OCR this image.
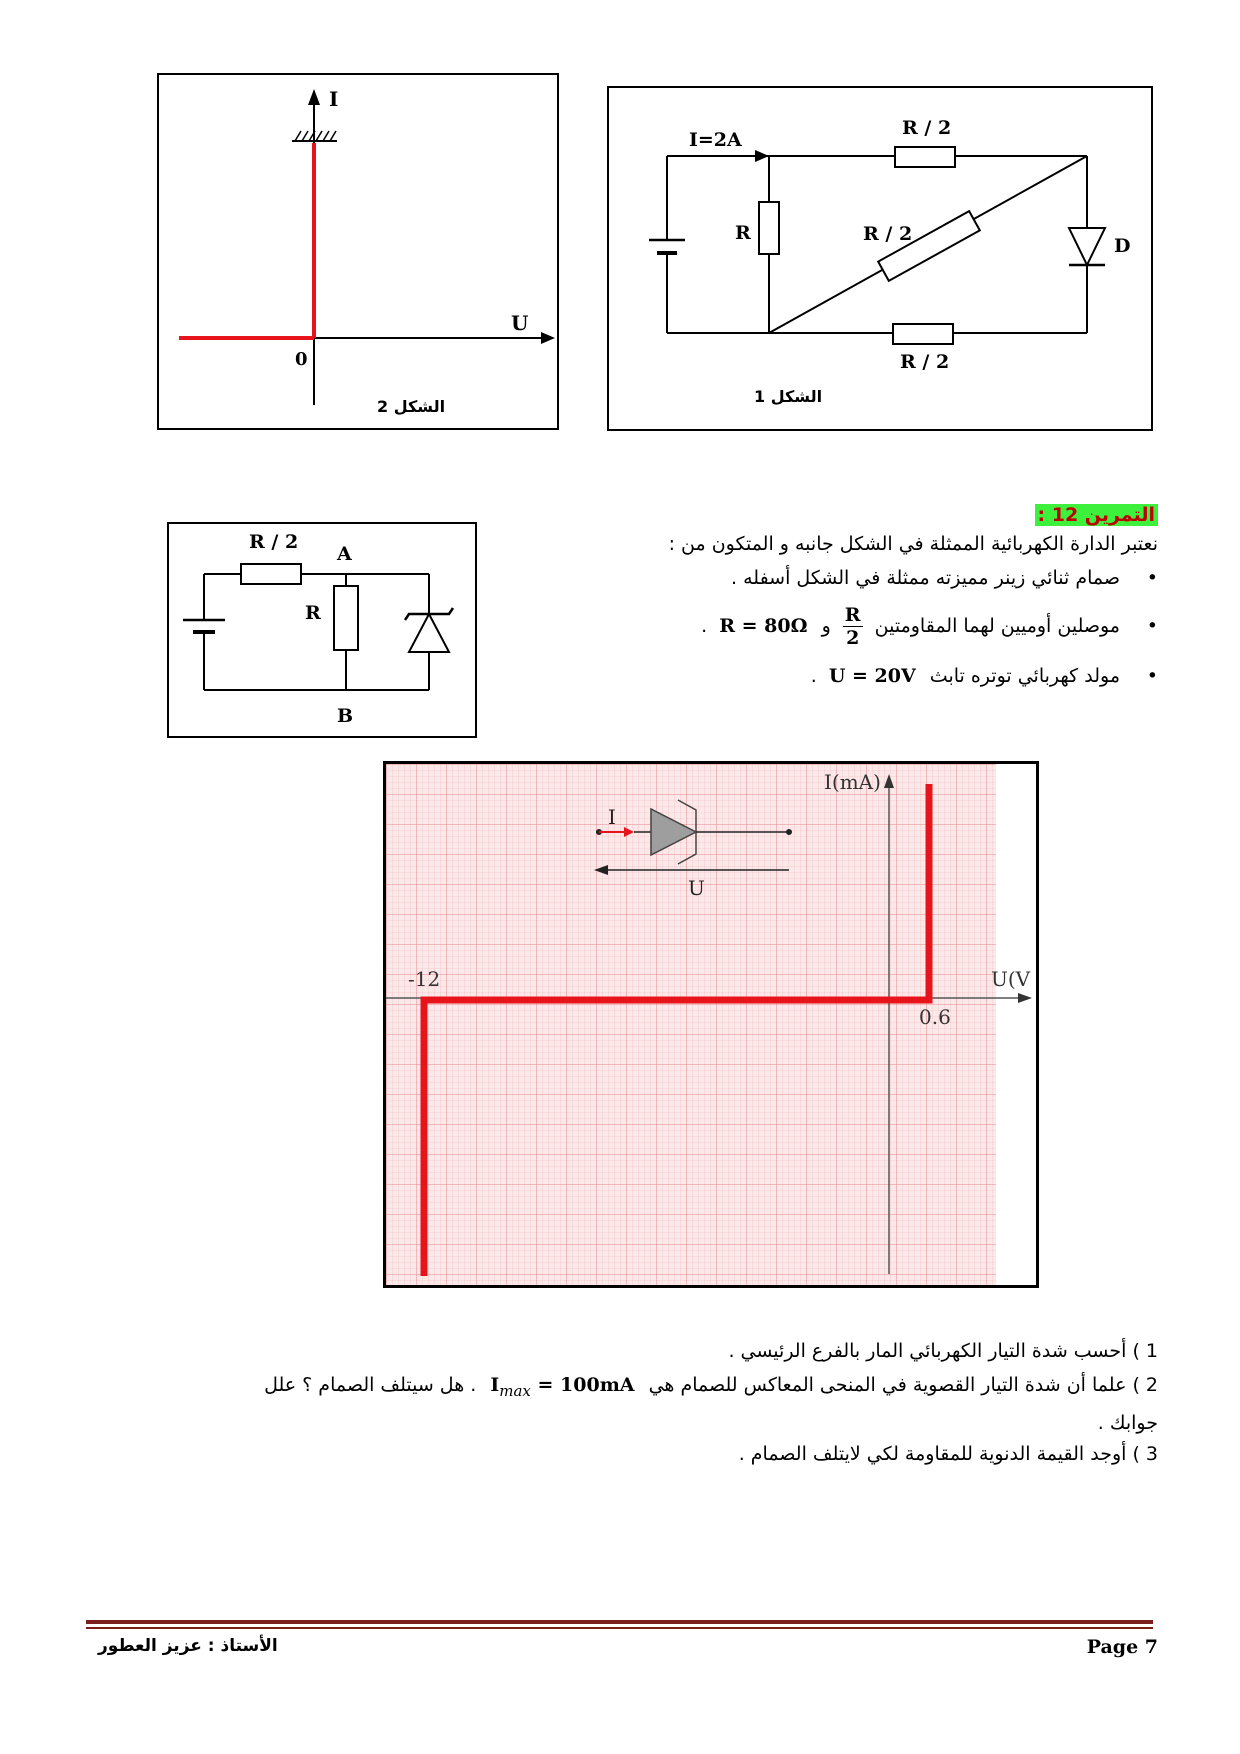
I
U
0
الشكل 2
I=2A
R / 2
R	R / 2
R / 2
D
الشكل 1
التمرين 12 :
نعتبر الدارة الكهربائية الممثلة في الشكل جانبه و المتكون من :
•
صمام ثنائي زينر مميزته ممثلة في الشكل أسفله .
•
موصلين أوميين لهما المقاومتين
$\frac{R}{2}$
و R = 80Ω .
•
مولد كهربائي توتره تابث U = 20V .
R / 2
A
R
B
I(mA)
U(V
-12
0.6
I
U
1 ) أحسب شدة التيار الكهربائي المار بالفرع الرئيسي .
2 ) علما أن شدة التيار القصوية في المنحى المعاكس للصمام هي $I_{max} = 100mA$ . هل سيتلف الصمام ؟ علل
جوابك .
3 ) أوجد القيمة الدنوية للمقاومة لكي لايتلف الصمام .
Page 7
الأستاذ : عزيز العطور
